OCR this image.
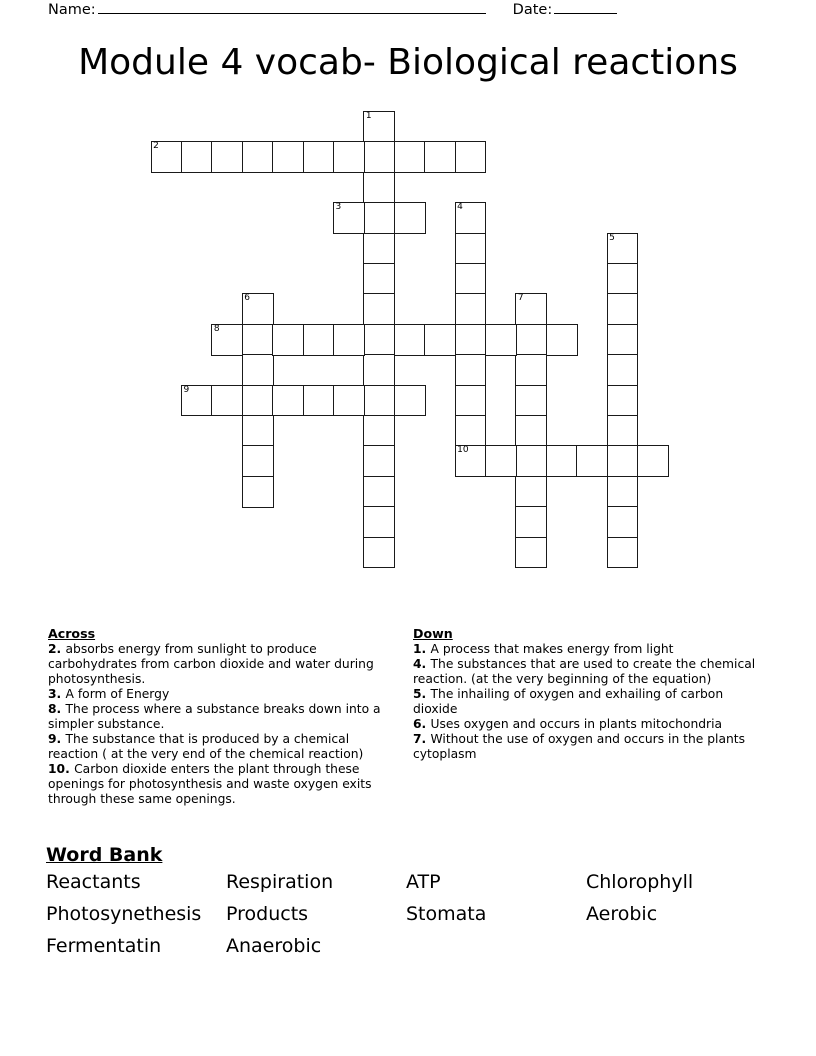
Name:	Date:
Module 4 vocab- Biological reactions
1
2
3	4
10
5
6	7
8
9
Across

2. absorbs energy from sunlight to produce carbohydrates from carbon dioxide and water during photosynthesis.

3. A form of Energy

8. The process where a substance breaks down into a simpler substance.

9. The substance that is produced by a chemical reaction ( at the very end of the chemical reaction)

10. Carbon dioxide enters the plant through these openings for photosynthesis and waste oxygen exits through these same openings.

Down

1. A process that makes energy from light

4. The substances that are used to create the chemical reaction. (at the very beginning of the equation)

5. The inhailing of oxygen and exhailing of carbon dioxide

6. Uses oxygen and occurs in plants mitochondria

7. Without the use of oxygen and occurs in the plants cytoplasm

Word Bank
Reactants	Respiration	ATP	Chlorophyll
Photosynethesis	Products	Stomata	Aerobic
Fermentatin	Anaerobic
